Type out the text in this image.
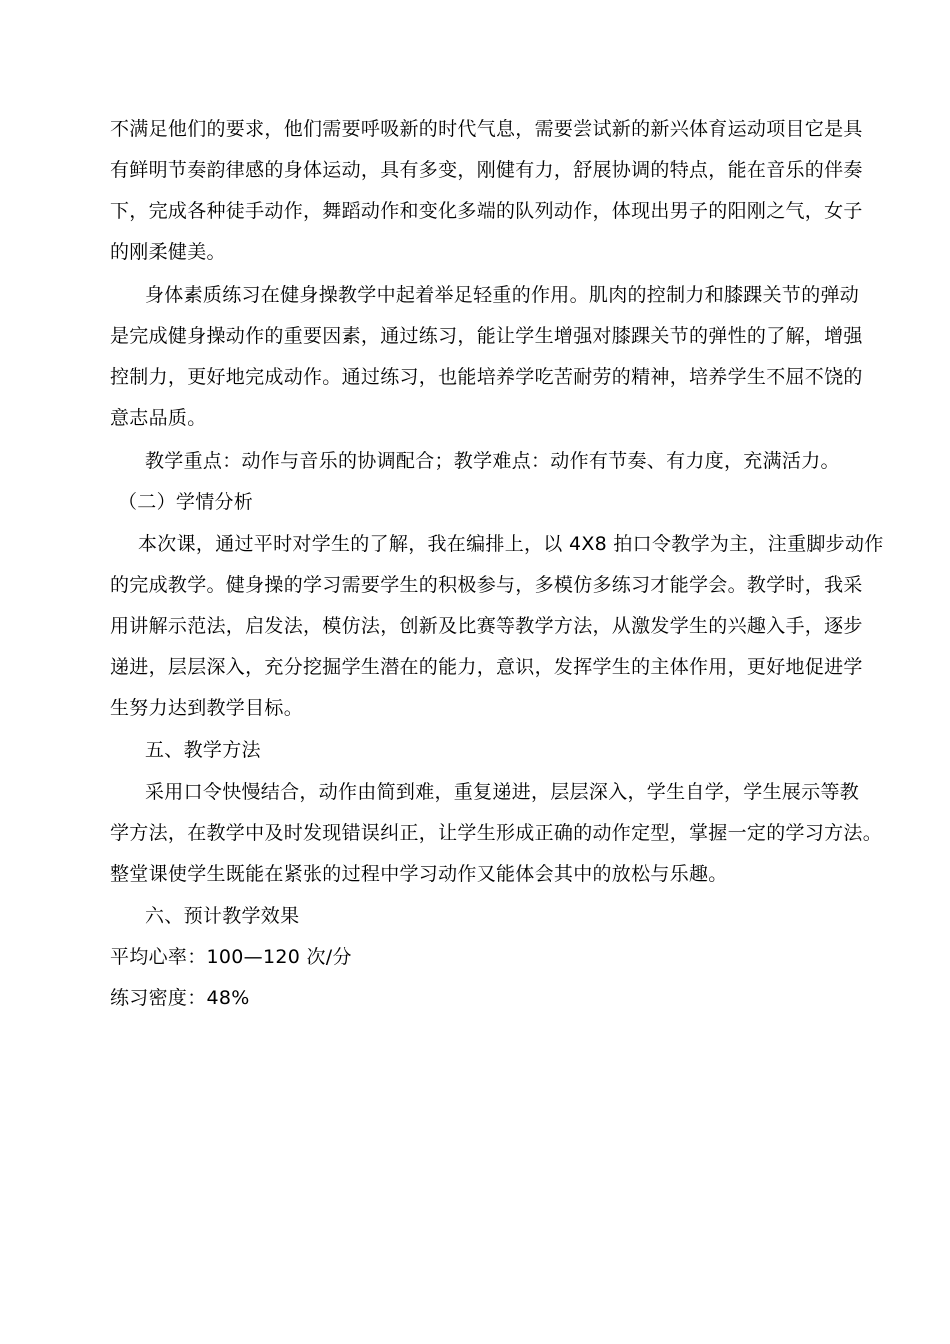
不满足他们的要求，他们需要呼吸新的时代气息，需要尝试新的新兴体育运动项目它是具
有鲜明节奏韵律感的身体运动，具有多变，刚健有力，舒展协调的特点，能在音乐的伴奏
下，完成各种徒手动作，舞蹈动作和变化多端的队列动作，体现出男子的阳刚之气，女子
的刚柔健美。
身体素质练习在健身操教学中起着举足轻重的作用。肌肉的控制力和膝踝关节的弹动
是完成健身操动作的重要因素，通过练习，能让学生增强对膝踝关节的弹性的了解，增强
控制力，更好地完成动作。通过练习，也能培养学吃苦耐劳的精神，培养学生不屈不饶的
意志品质。
教学重点：动作与音乐的协调配合；教学难点：动作有节奏、有力度，充满活力。
（二）学情分析
本次课，通过平时对学生的了解，我在编排上，以 4X8 拍口令教学为主，注重脚步动作
的完成教学。健身操的学习需要学生的积极参与，多模仿多练习才能学会。教学时，我采
用讲解示范法，启发法，模仿法，创新及比赛等教学方法，从激发学生的兴趣入手，逐步
递进，层层深入，充分挖掘学生潜在的能力，意识，发挥学生的主体作用，更好地促进学
生努力达到教学目标。
五、教学方法
采用口令快慢结合，动作由简到难，重复递进，层层深入，学生自学，学生展示等教
学方法，在教学中及时发现错误纠正，让学生形成正确的动作定型，掌握一定的学习方法。
整堂课使学生既能在紧张的过程中学习动作又能体会其中的放松与乐趣。
六、预计教学效果
平均心率：100—120 次/分
练习密度：48%
